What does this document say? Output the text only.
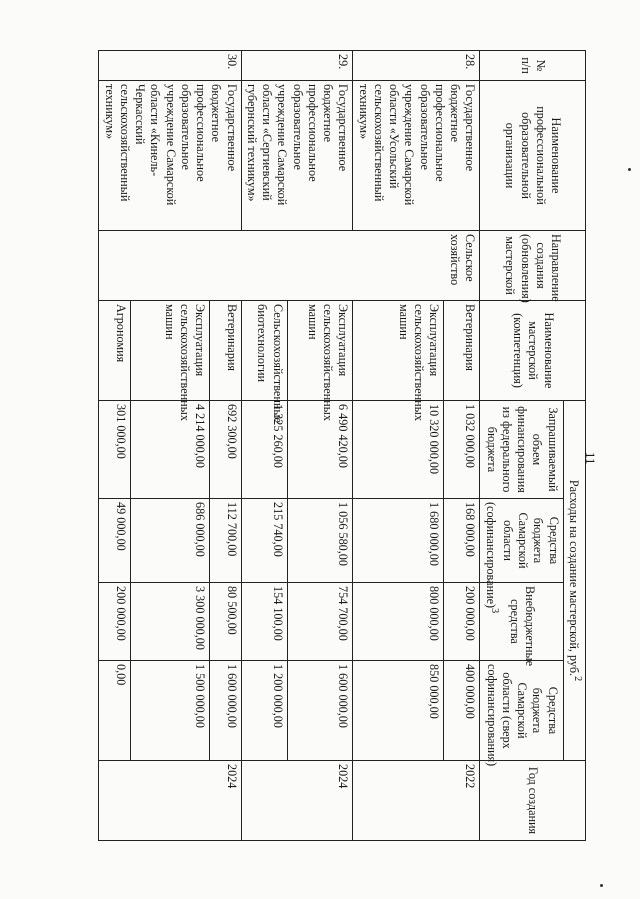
11
№ п/п	Наименование профессиональной образовательной организации	Направление создания (обновления) мастерской	Наименование мастерской (компетенция)	Расходы на создание мастерской, руб.$^2$				Год создания
				Запрашиваемый объем финансирования из федерального бюджета	Средства бюджета Самарской области (софинансирование)$^3$	Внебюджетные средства	Средства бюджета Самарской области (сверх софинансирования)	
28.	Государственное бюджетное профессиональное образовательное учреждение Самарской области «Усольский сельскохозяйственный техникум»	Сельское хозяйство	Ветеринария	1 032 000,00	168 000,00	200 000,00	400 000,00	2022
			Эксплуатация сельскохозяйственных машин	10 320 000,00	1 680 000,00	800 000,00	850 000,00	
29.	Государственное бюджетное профессиональное образовательное учреждение Самарской области «Сергиевский губернский техникум»		Эксплуатация сельскохозяйственных машин	6 490 420,00	1 056 580,00	754 700,00	1 600 000,00	2024
			Сельскохозяйственные биотехнологии	1 325 260,00	215 740,00	154 100,00	1 200 000,00	
30.	Государственное бюджетное профессиональное образовательное учреждение Самарской области «Кинель-Черкасский сельскохозяйственный техникум»		Ветеринария	692 300,00	112 700,00	80 500,00	1 600 000,00	2024
			Эксплуатация сельскохозяйственных машин	4 214 000,00	686 000,00	3 300 000,00	1 500 000,00	
			Агрономия	301 000,00	49 000,00	200 000,00	0,00	
